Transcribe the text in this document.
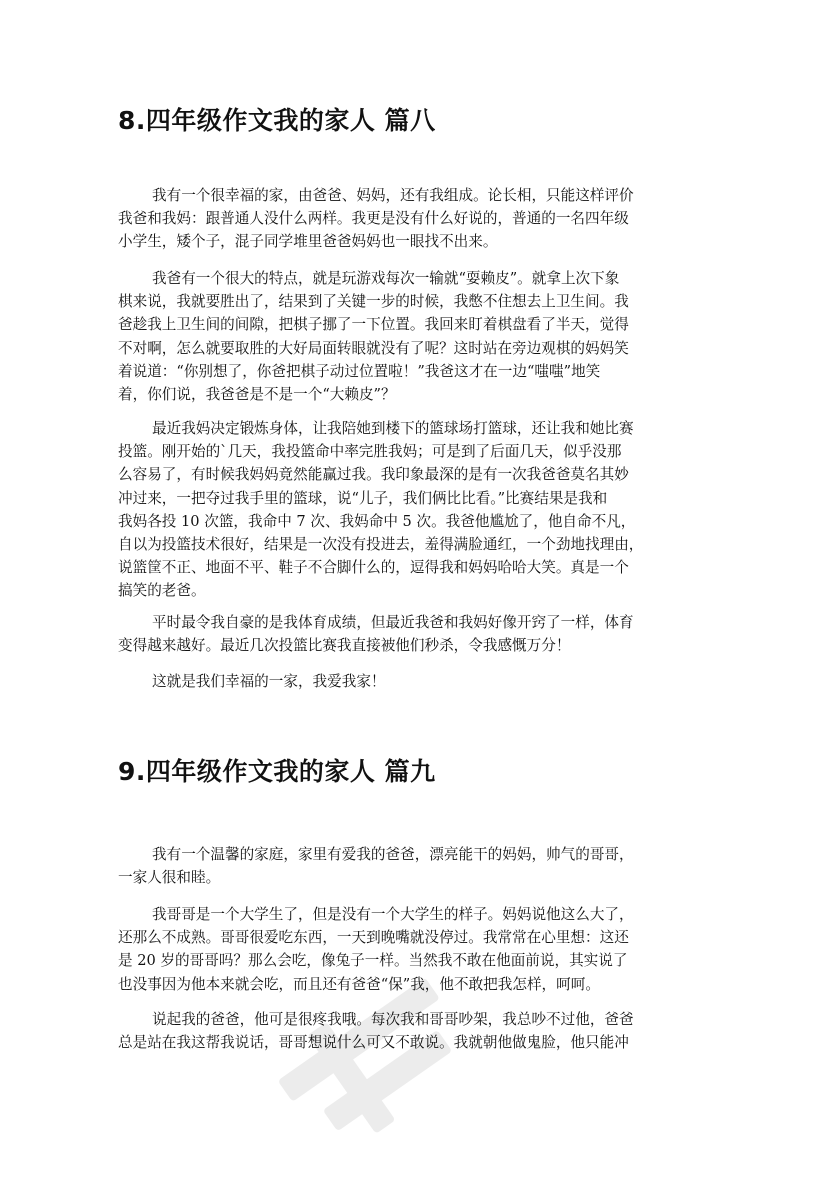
8.四年级作文我的家人 篇八
我有一个很幸福的家，由爸爸、妈妈，还有我组成。论长相，只能这样评价
我爸和我妈：跟普通人没什么两样。我更是没有什么好说的，普通的一名四年级
小学生，矮个子，混子同学堆里爸爸妈妈也一眼找不出来。
我爸有一个很大的特点，就是玩游戏每次一输就“耍赖皮”。就拿上次下象
棋来说，我就要胜出了，结果到了关键一步的时候，我憋不住想去上卫生间。我
爸趁我上卫生间的间隙，把棋子挪了一下位置。我回来盯着棋盘看了半天，觉得
不对啊，怎么就要取胜的大好局面转眼就没有了呢？这时站在旁边观棋的妈妈笑
着说道：“你别想了，你爸把棋子动过位置啦！”我爸这才在一边“嗤嗤”地笑
着，你们说，我爸爸是不是一个“大赖皮”？
最近我妈决定锻炼身体，让我陪她到楼下的篮球场打篮球，还让我和她比赛
投篮。刚开始的`几天，我投篮命中率完胜我妈；可是到了后面几天，似乎没那
么容易了，有时候我妈妈竟然能赢过我。我印象最深的是有一次我爸爸莫名其妙
冲过来，一把夺过我手里的篮球，说“儿子，我们俩比比看。”比赛结果是我和
我妈各投 10 次篮，我命中 7 次、我妈命中 5 次。我爸他尴尬了，他自命不凡，
自以为投篮技术很好，结果是一次没有投进去，羞得满脸通红，一个劲地找理由，
说篮筐不正、地面不平、鞋子不合脚什么的，逗得我和妈妈哈哈大笑。真是一个
搞笑的老爸。
平时最令我自豪的是我体育成绩，但最近我爸和我妈好像开窍了一样，体育
变得越来越好。最近几次投篮比赛我直接被他们秒杀，令我感慨万分！
这就是我们幸福的一家，我爱我家！
9.四年级作文我的家人 篇九
我有一个温馨的家庭，家里有爱我的爸爸，漂亮能干的妈妈，帅气的哥哥，
一家人很和睦。
我哥哥是一个大学生了，但是没有一个大学生的样子。妈妈说他这么大了，
还那么不成熟。哥哥很爱吃东西，一天到晚嘴就没停过。我常常在心里想：这还
是 20 岁的哥哥吗？那么会吃，像兔子一样。当然我不敢在他面前说，其实说了
也没事因为他本来就会吃，而且还有爸爸“保”我，他不敢把我怎样，呵呵。
说起我的爸爸，他可是很疼我哦。每次我和哥哥吵架，我总吵不过他，爸爸
总是站在我这帮我说话，哥哥想说什么可又不敢说。我就朝他做鬼脸，他只能冲
